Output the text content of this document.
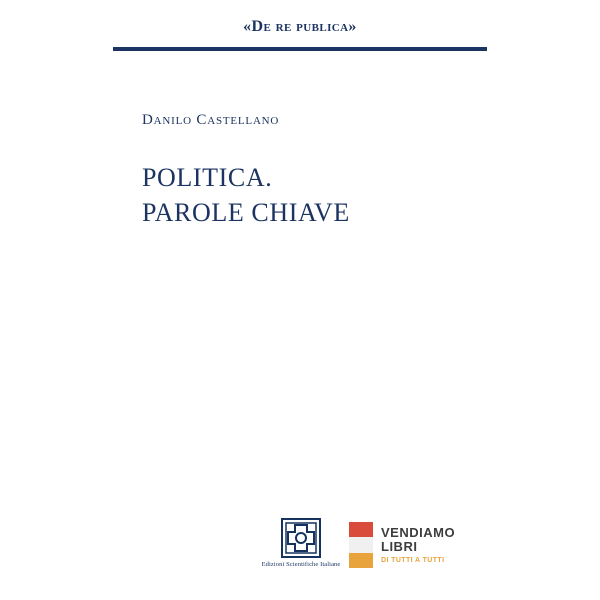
«De re publica»
Danilo Castellano
POLITICA.
PAROLE CHIAVE
Edizioni Scientifiche Italiane
VENDIAMO
LIBRI
DI TUTTI A TUTTI
